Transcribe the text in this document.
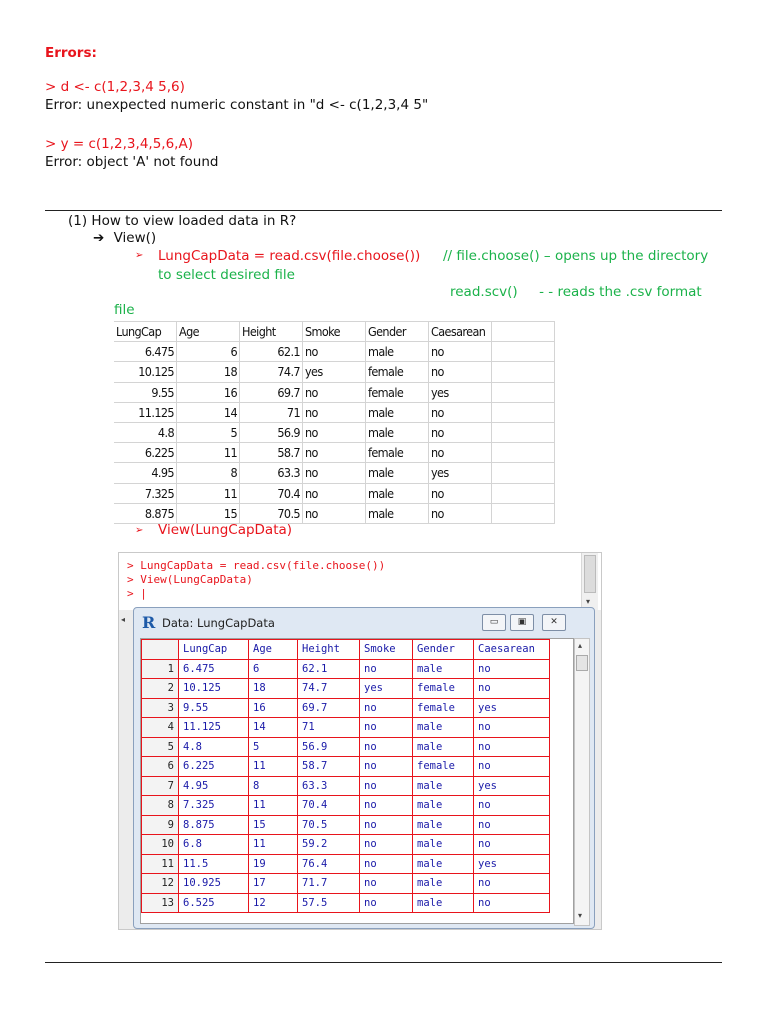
Errors:
> d <- c(1,2,3,4 5,6)
Error: unexpected numeric constant in "d <- c(1,2,3,4 5"
> y = c(1,2,3,4,5,6,A)
Error: object 'A' not found
(1) How to view loaded data in R?
➔ View()
➢ LungCapData = read.csv(file.choose()) // file.choose() – opens up the directory
to select desired file
read.scv()     - - reads the .csv format
file
LungCap	Age	Height	Smoke	Gender	Caesarean	
6.475	6	62.1	no	male	no	
10.125	18	74.7	yes	female	no	
9.55	16	69.7	no	female	yes	
11.125	14	71	no	male	no	
4.8	5	56.9	no	male	no	
6.225	11	58.7	no	female	no	
4.95	8	63.3	no	male	yes	
7.325	11	70.4	no	male	no	
8.875	15	70.5	no	male	no	
➢ View(LungCapData)
> LungCapData = read.csv(file.choose())
> View(LungCapData)
> |
▾
◂ R Data: LungCapData	▭	▣	✕
	LungCap	Age	Height	Smoke	Gender	Caesarean
1	6.475	6	62.1	no	male	no
2	10.125	18	74.7	yes	female	no
3	9.55	16	69.7	no	female	yes
4	11.125	14	71	no	male	no
5	4.8	5	56.9	no	male	no
6	6.225	11	58.7	no	female	no
7	4.95	8	63.3	no	male	yes
8	7.325	11	70.4	no	male	no
9	8.875	15	70.5	no	male	no
10	6.8	11	59.2	no	male	no
11	11.5	19	76.4	no	male	yes
12	10.925	17	71.7	no	male	no
13	6.525	12	57.5	no	male	no
▴
▾
